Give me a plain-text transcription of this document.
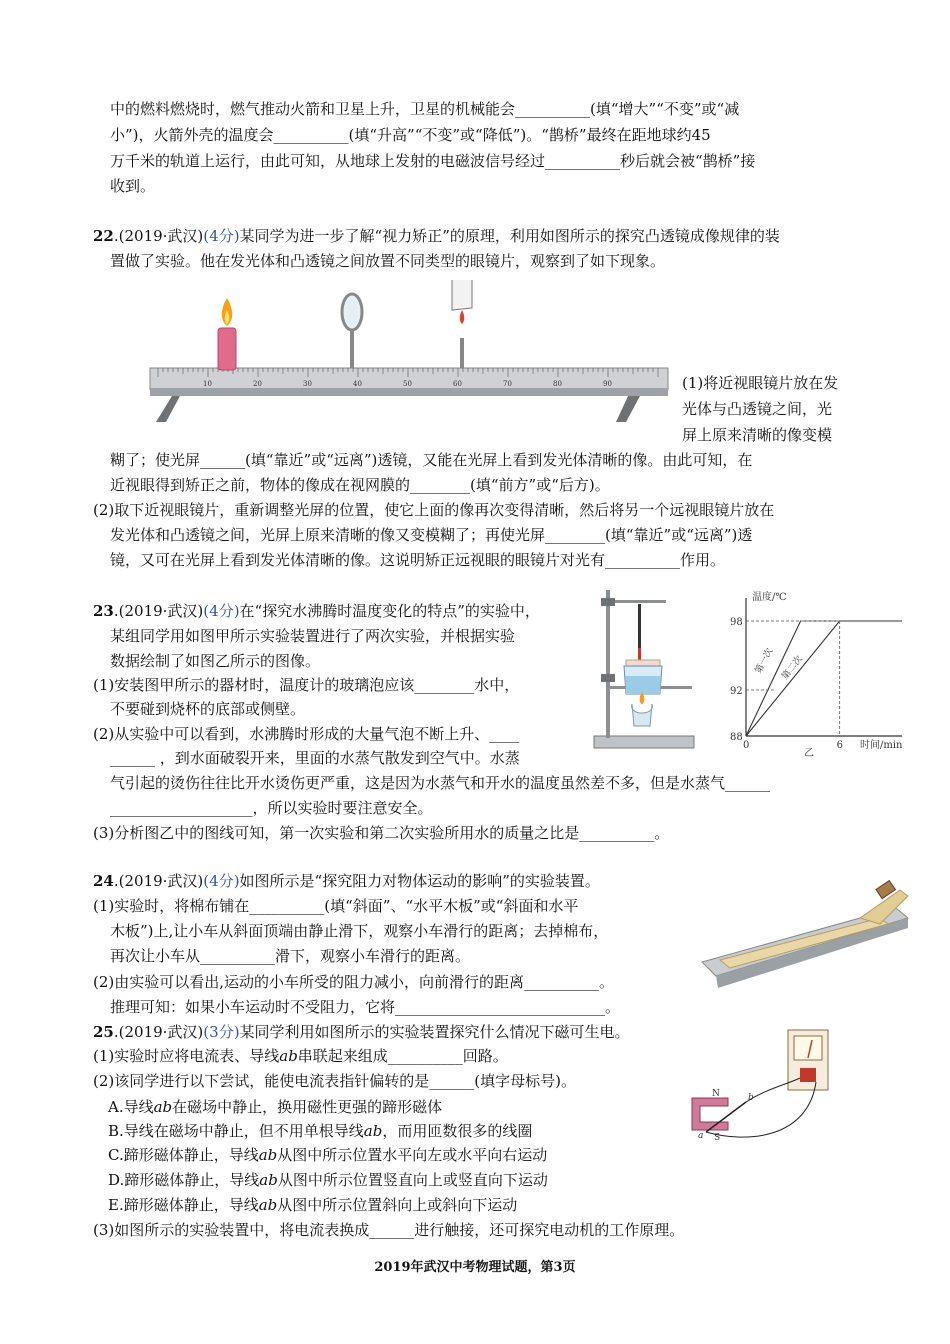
中的燃料燃烧时，燃气推动火箭和卫星上升，卫星的机械能会__________(填“增大”“不变”或“减
小”)，火箭外壳的温度会__________(填“升高”“不变”或“降低”)。“鹊桥”最终在距地球约45
万千米的轨道上运行，由此可知，从地球上发射的电磁波信号经过__________秒后就会被“鹊桥”接
收到。
22.(2019·武汉)(4分)某同学为进一步了解“视力矫正”的原理，利用如图所示的探究凸透镜成像规律的装
置做了实验。他在发光体和凸透镜之间放置不同类型的眼镜片，观察到了如下现象。
10	20	30	40	50	60	70	80	90	(1)将近视眼镜片放在发
光体与凸透镜之间，光
屏上原来清晰的像变模
糊了；使光屏______(填“靠近”或“远离”)透镜，又能在光屏上看到发光体清晰的像。由此可知，在
近视眼得到矫正之前，物体的像成在视网膜的________(填“前方”或“后方)。
(2)取下近视眼镜片，重新调整光屏的位置，使它上面的像再次变得清晰，然后将另一个远视眼镜片放在
发光体和凸透镜之间，光屏上原来清晰的像又变模糊了；再使光屏________(填“靠近”或“远离”)透
镜，又可在光屏上看到发光体清晰的像。这说明矫正远视眼的眼镜片对光有__________作用。
23.(2019·武汉)(4分)在“探究水沸腾时温度变化的特点”的实验中，
某组同学用如图甲所示实验装置进行了两次实验，并根据实验
数据绘制了如图乙所示的图像。
(1)安装图甲所示的器材时，温度计的玻璃泡应该________水中，
不要碰到烧杯的底部或侧壁。
(2)从实验中可以看到，水沸腾时形成的大量气泡不断上升、____
______ ，到水面破裂开来，里面的水蒸气散发到空气中。水蒸
气引起的烫伤往往比开水烫伤更严重，这是因为水蒸气和开水的温度虽然差不多，但是水蒸气______
___________________，所以实验时要注意安全。
(3)分析图乙中的图线可知，第一次实验和第二次实验所用水的质量之比是__________。
温度/℃
时间/min
乙
98
92
88
0	6
第一次 第二次
24.(2019·武汉)(4分)如图所示是“探究阻力对物体运动的影响”的实验装置。
(1)实验时，将棉布铺在__________(填“斜面”、“水平木板”或“斜面和水平
木板”)上,让小车从斜面顶端由静止滑下，观察小车滑行的距离；去掉棉布，
再次让小车从__________滑下，观察小车滑行的距离。
(2)由实验可以看出,运动的小车所受的阻力减小，向前滑行的距离__________。
推理可知：如果小车运动时不受阻力，它将____________________________。
25.(2019·武汉)(3分)某同学利用如图所示的实验装置探究什么情况下磁可生电。
(1)实验时应将电流表、导线ab串联起来组成__________回路。
(2)该同学进行以下尝试，能使电流表指针偏转的是______(填字母标号)。
A.导线ab在磁场中静止，换用磁性更强的蹄形磁体
B.导线在磁场中静止，但不用单根导线ab，而用匝数很多的线圈
C.蹄形磁体静止，导线ab从图中所示位置水平向左或水平向右运动
D.蹄形磁体静止，导线ab从图中所示位置竖直向上或竖直向下运动
E.蹄形磁体静止，导线ab从图中所示位置斜向上或斜向下运动
(3)如图所示的实验装置中，将电流表换成______进行触接，还可探究电动机的工作原理。
N
S
a
b
2019年武汉中考物理试题，第3页
